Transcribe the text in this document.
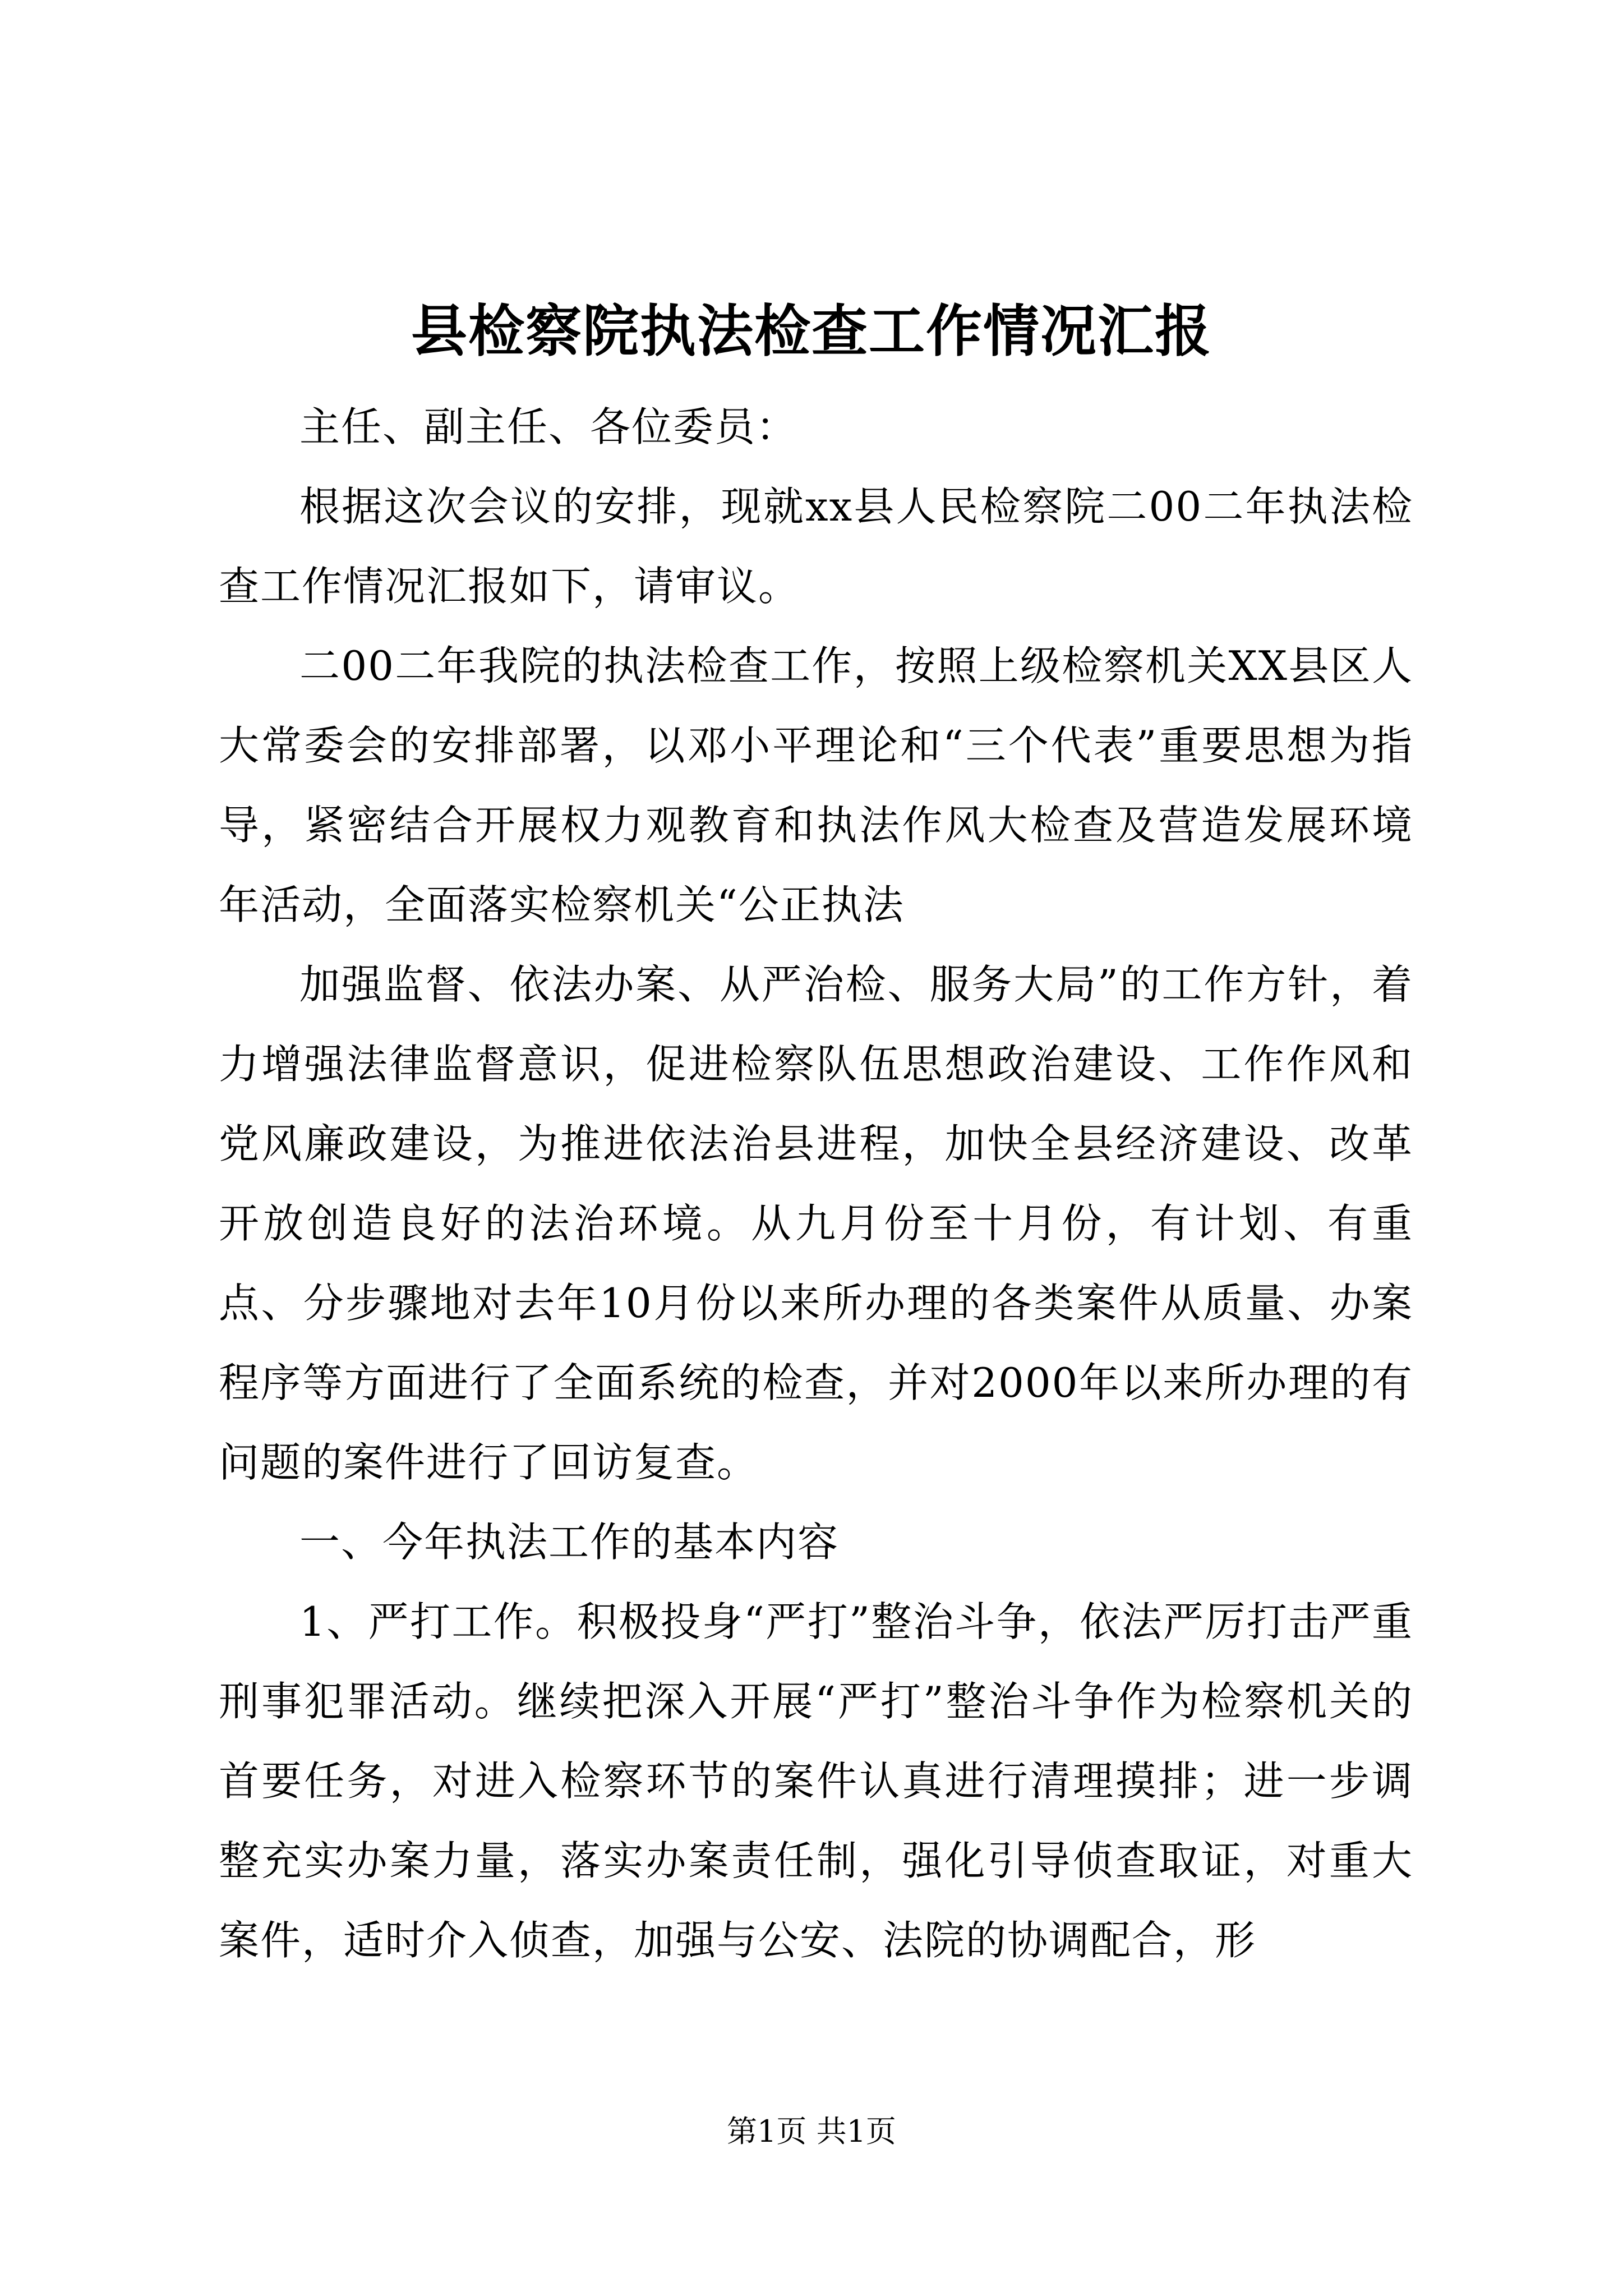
县检察院执法检查工作情况汇报

主任、副主任、各位委员：

根据这次会议的安排，现就xx县人民检察院二00二年执法检查工作情况汇报如下，请审议。

二00二年我院的执法检查工作，按照上级检察机关XX县区人大常委会的安排部署，以邓小平理论和“三个代表”重要思想为指导，紧密结合开展权力观教育和执法作风大检查及营造发展环境年活动，全面落实检察机关“公正执法

加强监督、依法办案、从严治检、服务大局”的工作方针，着力增强法律监督意识，促进检察队伍思想政治建设、工作作风和党风廉政建设，为推进依法治县进程，加快全县经济建设、改革开放创造良好的法治环境。从九月份至十月份，有计划、有重点、分步骤地对去年10月份以来所办理的各类案件从质量、办案程序等方面进行了全面系统的检查，并对2000年以来所办理的有问题的案件进行了回访复查。

一、今年执法工作的基本内容

1、严打工作。积极投身“严打”整治斗争，依法严厉打击严重刑事犯罪活动。继续把深入开展“严打”整治斗争作为检察机关的首要任务，对进入检察环节的案件认真进行清理摸排；进一步调整充实办案力量，落实办案责任制，强化引导侦查取证，对重大案件，适时介入侦查，加强与公安、法院的协调配合，形

第1页 共1页
